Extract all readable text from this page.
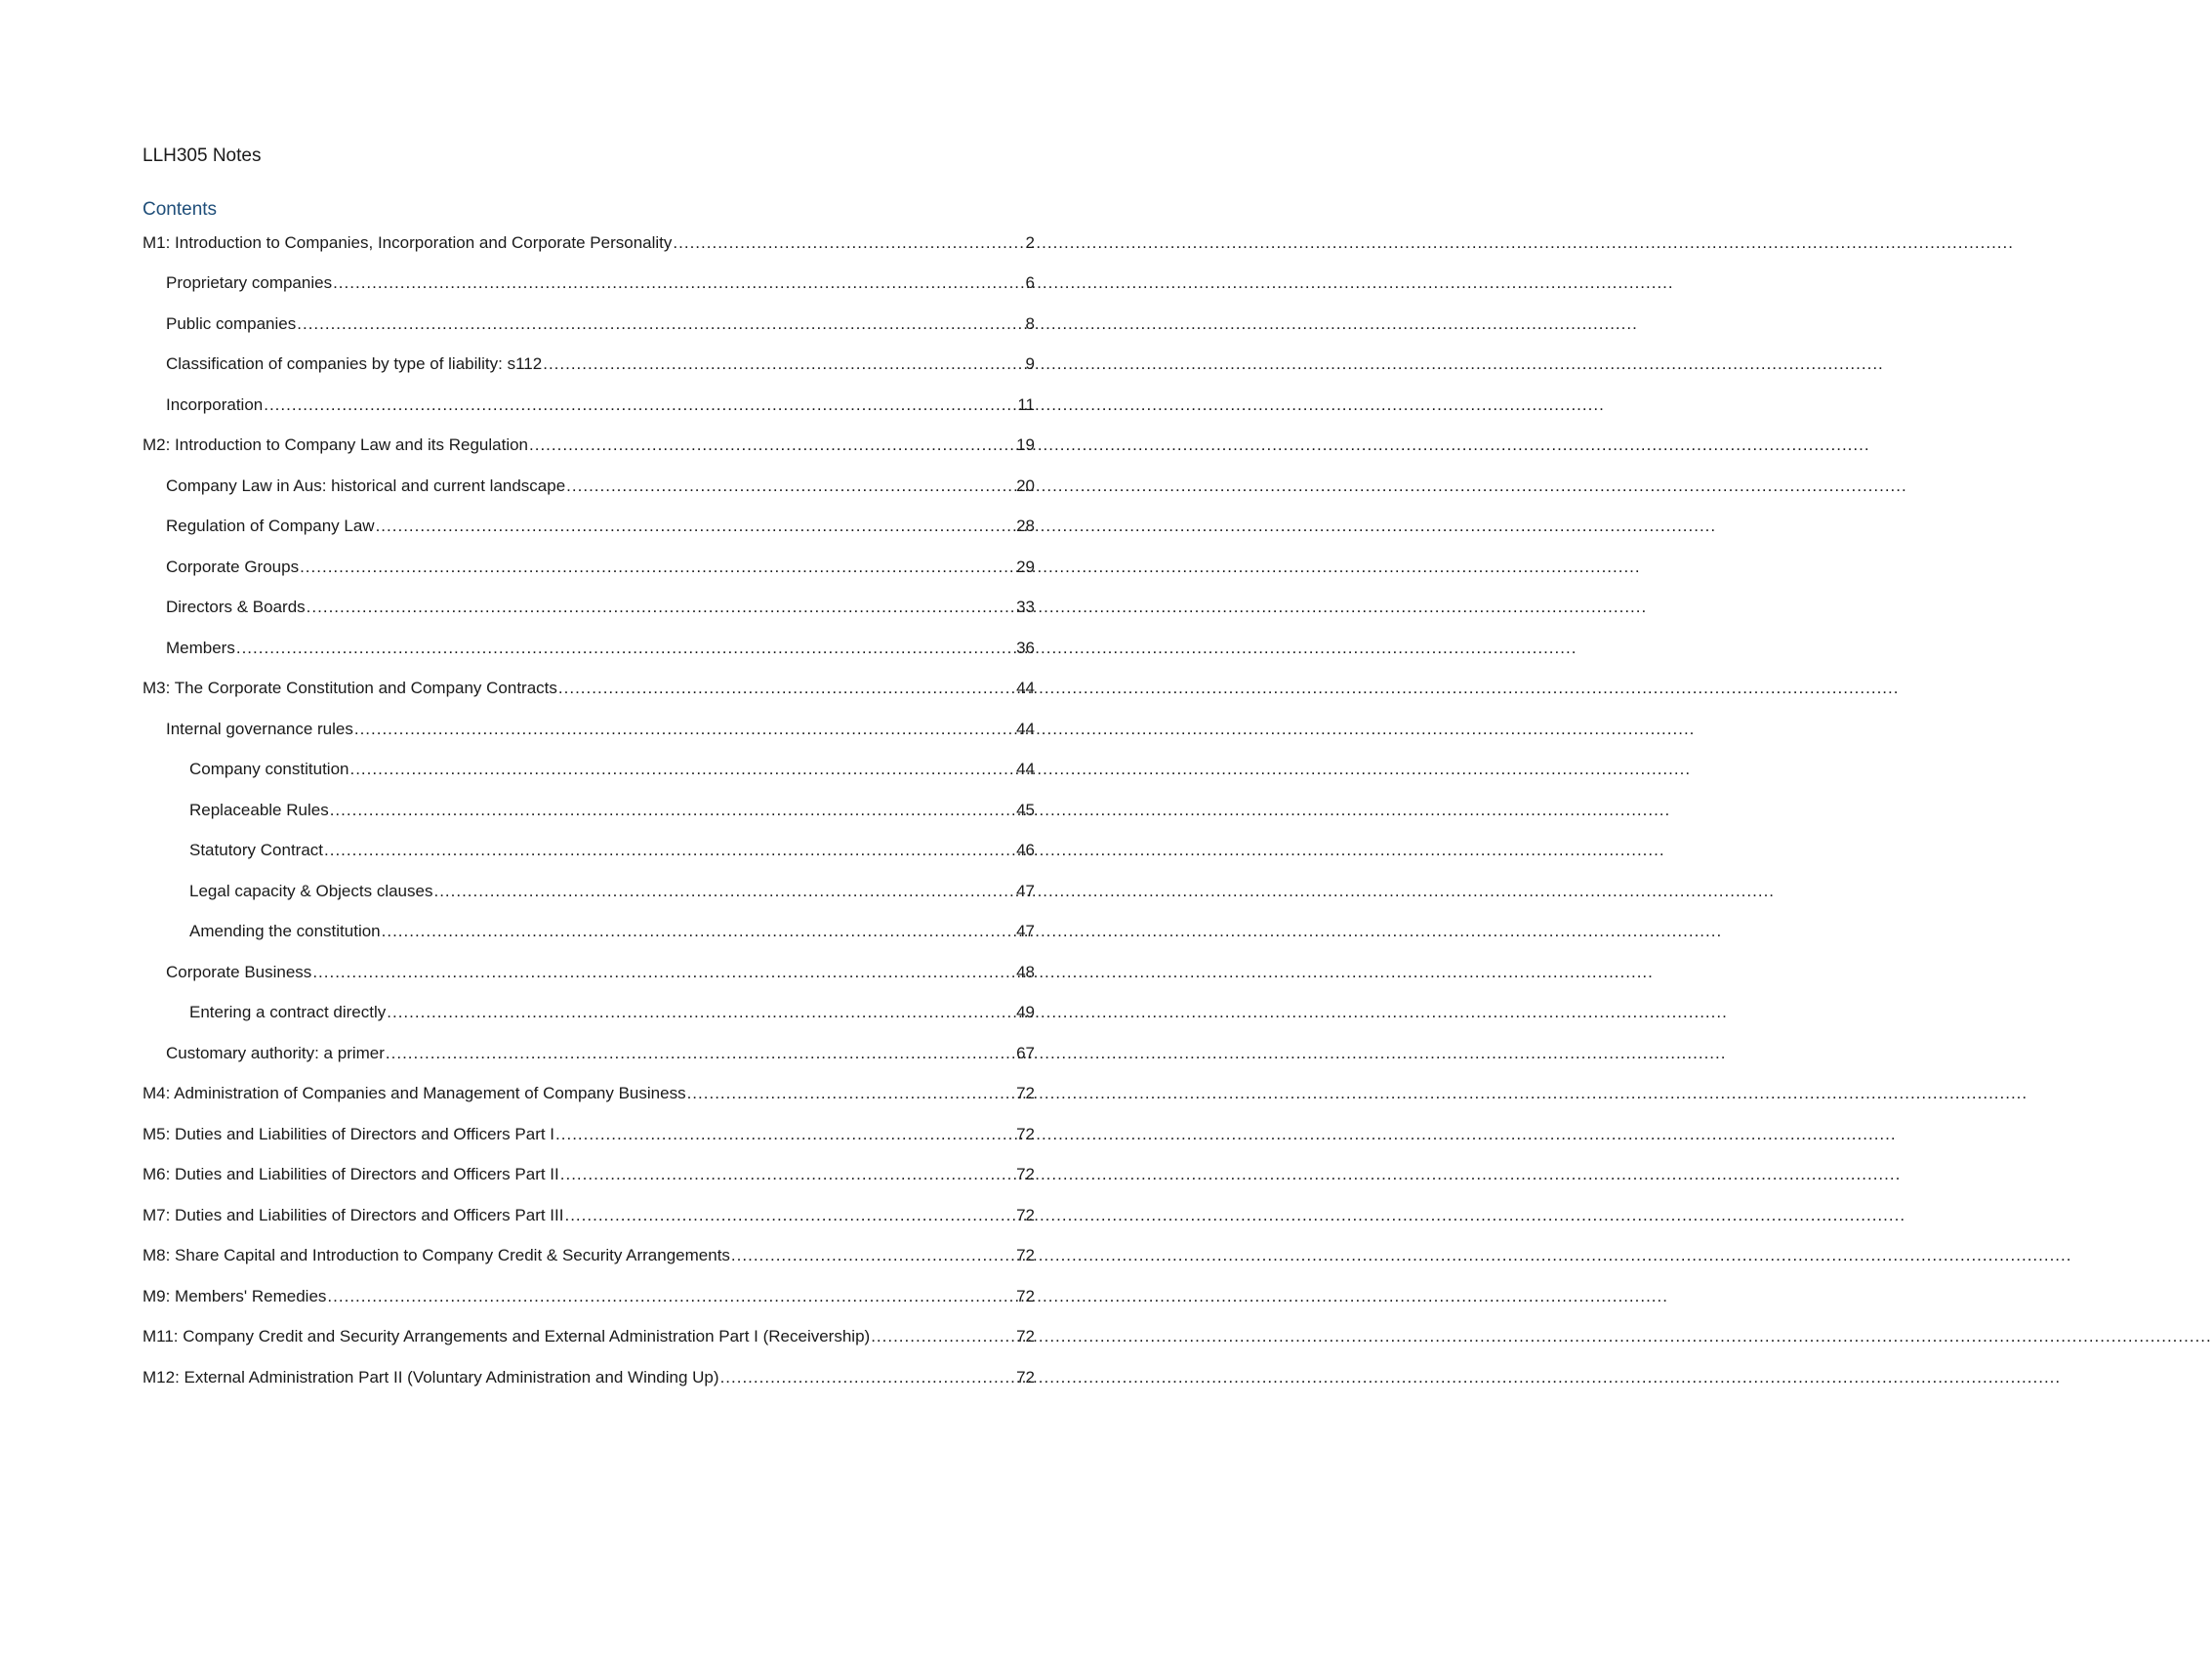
LLH305 Notes
Contents
M1: Introduction to Companies, Incorporation and Corporate Personality .....	2
Proprietary companies .....	6
Public companies .....	8
Classification of companies by type of liability: s112 .....	9
Incorporation .....	11
M2: Introduction to Company Law and its Regulation .....	19
Company Law in Aus: historical and current landscape .....	20
Regulation of Company Law .....	28
Corporate Groups .....	29
Directors & Boards .....	33
Members .....	36
M3: The Corporate Constitution and Company Contracts .....	44
Internal governance rules .....	44
Company constitution .....	44
Replaceable Rules .....	45
Statutory Contract .....	46
Legal capacity & Objects clauses .....	47
Amending the constitution .....	47
Corporate Business .....	48
Entering a contract directly .....	49
Customary authority: a primer .....	67
M4: Administration of Companies and Management of Company Business .....	72
M5: Duties and Liabilities of Directors and Officers Part I .....	72
M6: Duties and Liabilities of Directors and Officers Part II .....	72
M7: Duties and Liabilities of Directors and Officers Part III .....	72
M8: Share Capital and Introduction to Company Credit & Security Arrangements .....	72
M9: Members' Remedies .....	72
M11: Company Credit and Security Arrangements and External Administration Part I (Receivership) .....	72
M12: External Administration Part II (Voluntary Administration and Winding Up) .....	72
